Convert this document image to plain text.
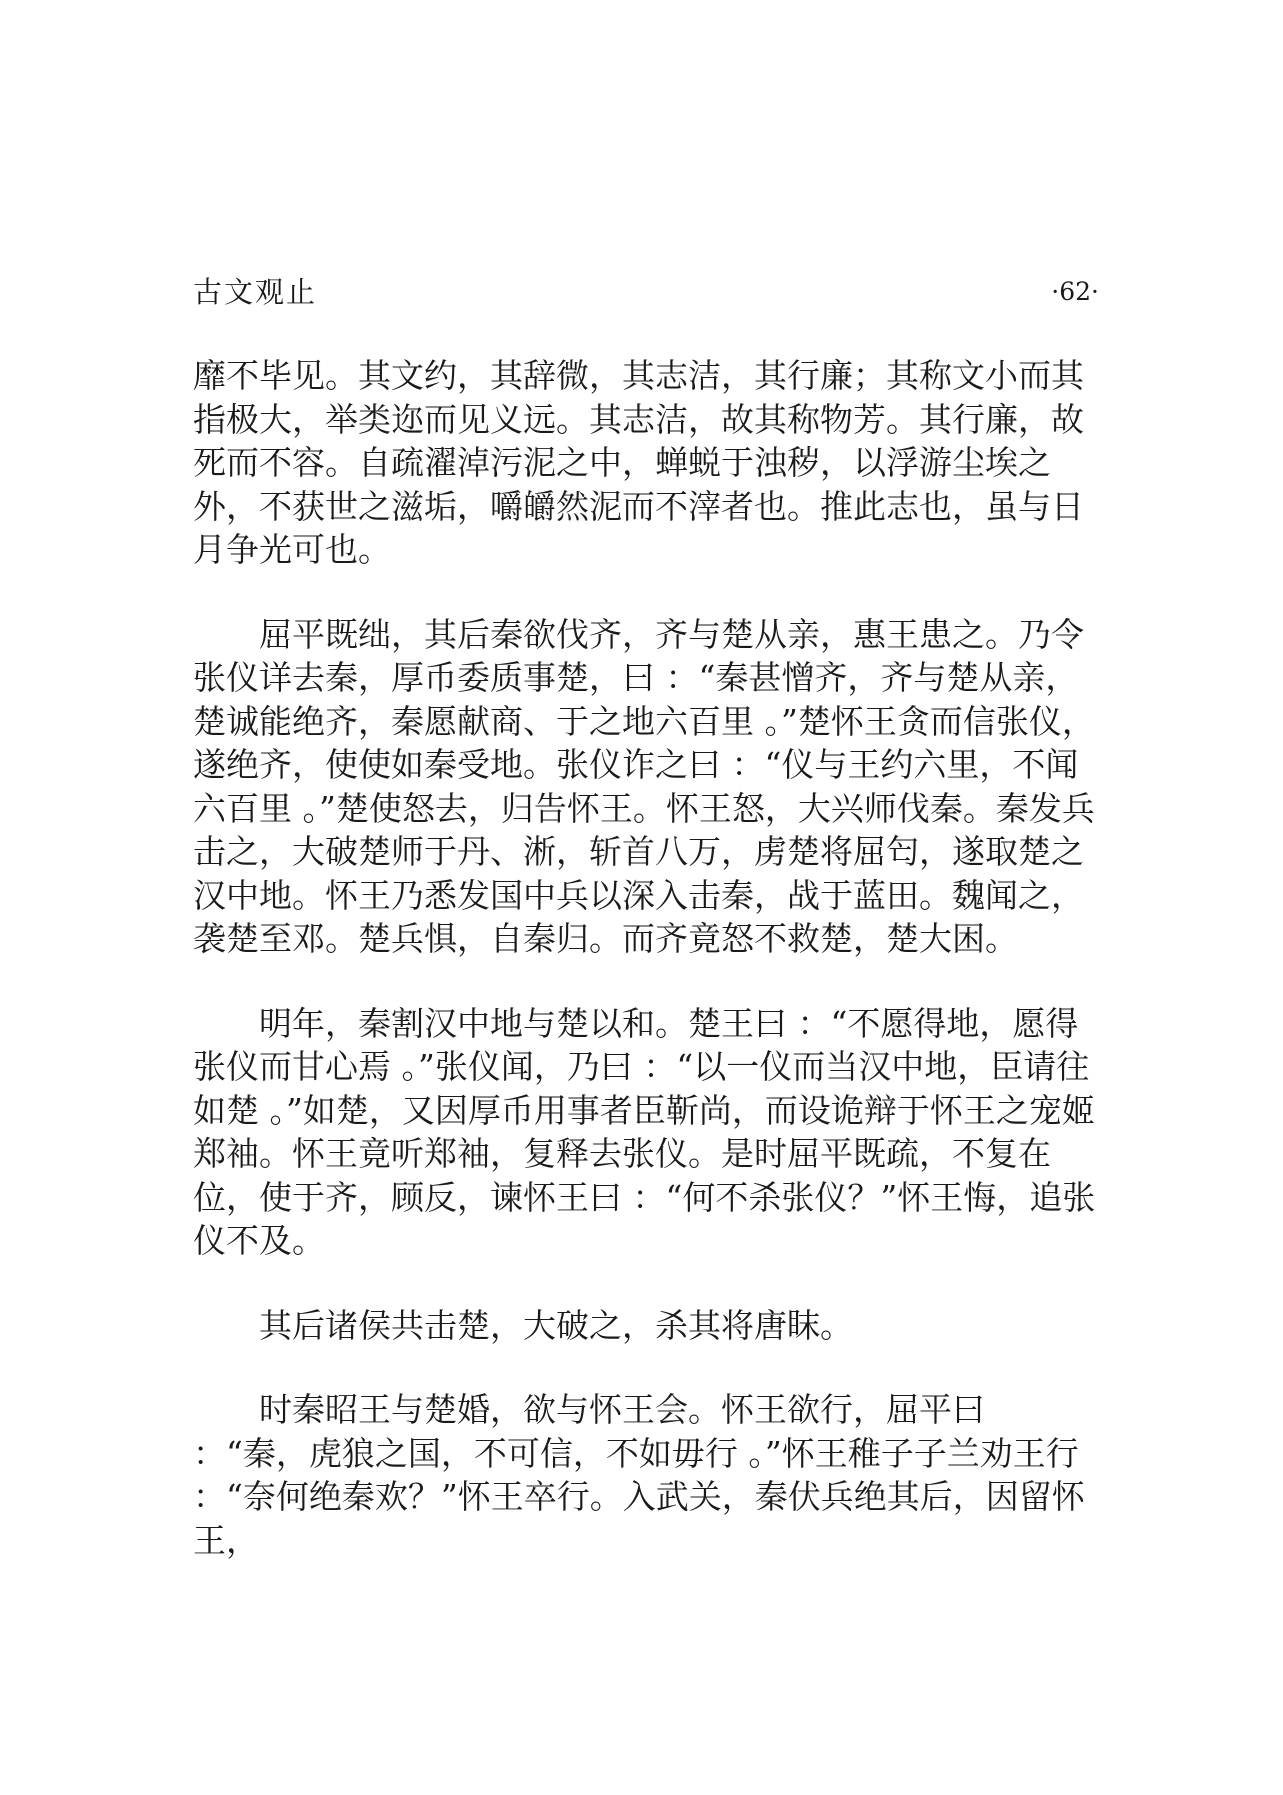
古文观止	·62·

靡不毕见。其文约，其辞微，其志洁，其行廉；其称文小而其指极大，举类迩而见义远。其志洁，故其称物芳。其行廉，故死而不容。自疏濯淖污泥之中，蝉蜕于浊秽，以浮游尘埃之外，不获世之滋垢，嚼皭然泥而不滓者也。推此志也，虽与日月争光可也。

屈平既绌，其后秦欲伐齐，齐与楚从亲，惠王患之。乃令张仪详去秦，厚币委质事楚，曰 ：“秦甚憎齐，齐与楚从亲，楚诚能绝齐，秦愿献商、于之地六百里 。”楚怀王贪而信张仪，遂绝齐，使使如秦受地。张仪诈之曰 ：“仪与王约六里，不闻六百里 。”楚使怒去，归告怀王。怀王怒，大兴师伐秦。秦发兵击之，大破楚师于丹、淅，斩首八万，虏楚将屈匄，遂取楚之汉中地。怀王乃悉发国中兵以深入击秦，战于蓝田。魏闻之，袭楚至邓。楚兵惧，自秦归。而齐竟怒不救楚，楚大困。

明年，秦割汉中地与楚以和。楚王曰 ：“不愿得地，愿得张仪而甘心焉 。”张仪闻，乃曰 ：“以一仪而当汉中地，臣请往如楚 。”如楚，又因厚币用事者臣靳尚，而设诡辩于怀王之宠姬郑袖。怀王竟听郑袖，复释去张仪。是时屈平既疏，不复在位，使于齐，顾反，谏怀王曰 ：“何不杀张仪？”怀王悔，追张仪不及。

其后诸侯共击楚，大破之，杀其将唐眜。

时秦昭王与楚婚，欲与怀王会。怀王欲行，屈平曰 ：“秦，虎狼之国，不可信，不如毋行 。”怀王稚子子兰劝王行 ：“奈何绝秦欢？”怀王卒行。入武关，秦伏兵绝其后，因留怀王，
